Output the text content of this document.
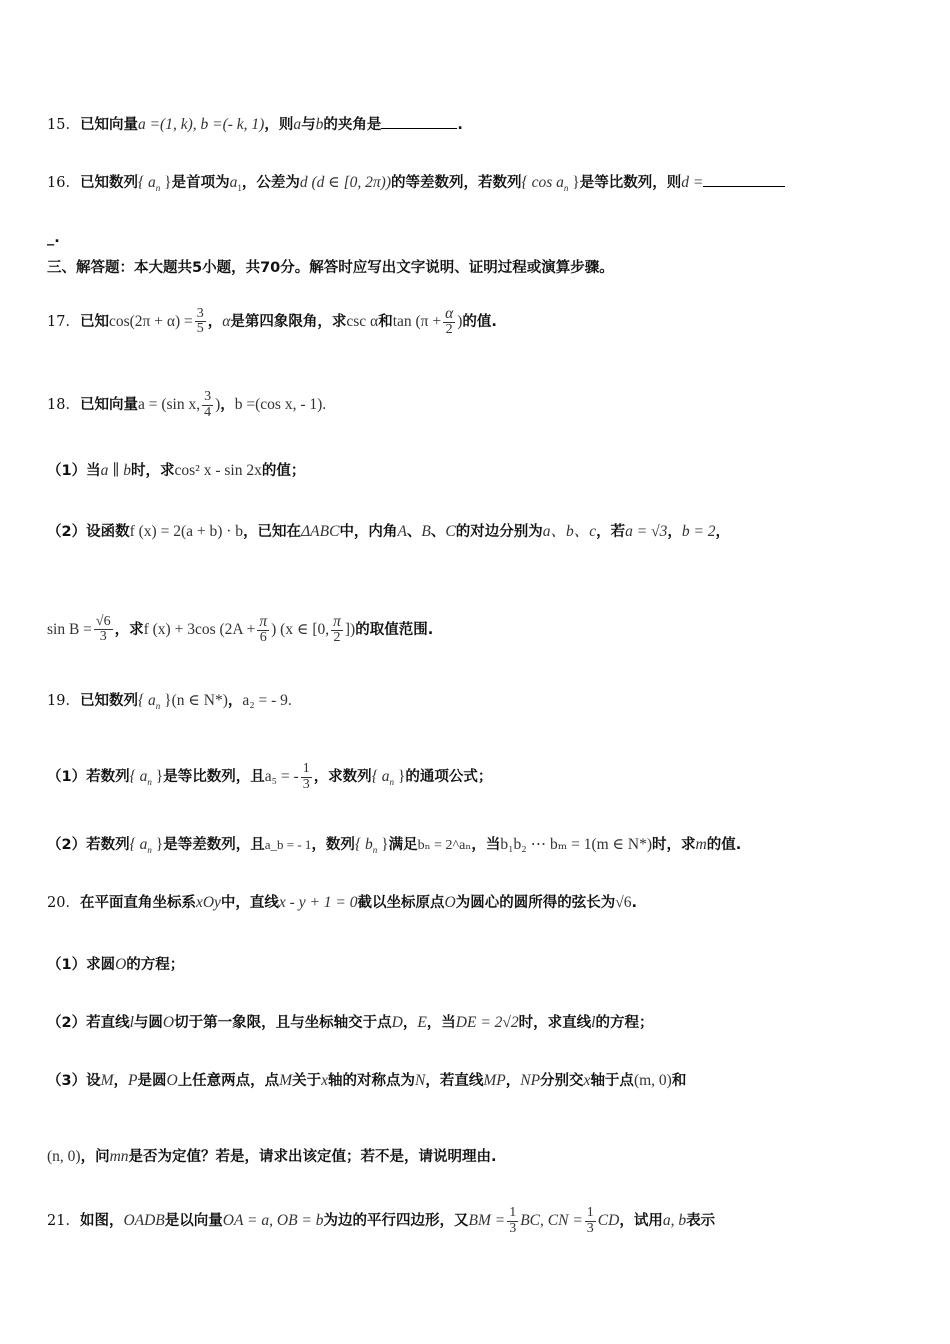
15．已知向量a =(1, k), b =(- k, 1)，则a与b的夹角是	.
16．已知数列{ $a_n$ }是首项为$a_1$，公差为d (d ∈ [0, 2π))的等差数列，若数列{ $\cos a_n$ }是等比数列，则d =
_.
三、解答题：本大题共5小题，共70分。解答时应写出文字说明、证明过程或演算步骤。
17．已知$\cos(2\pi + \alpha) = \frac{3}{5}$ ，α是第四象限角，求csc α和$\tan (\pi + \frac{\alpha}{2}$ )的值.
18．已知向量a = (sin x, $\frac{3}{4}$ )，b =(cos x, - 1).
（1）当a ∥ b时，求cos² x - sin 2x的值；
（2）设函数f (x) = 2(a + b) · b，已知在ΔABC中，内角A、B、C的对边分别为a、b、c，若a = √3，b = 2，
$\sin B = \frac{√6}{3}$ ，求f (x) + 3cos ($2A + \frac{\pi}{6}$ ) (x ∈ [0, $\frac{\pi}{2}$ ])的取值范围.
19．已知数列{ $a_n$ }(n ∈ N*)，a₂ = - 9.
（1）若数列{ $a_n$ }是等比数列，且a₅ = - $\frac{1}{3}$ ，求数列{ $a_n$ }的通项公式；
（2）若数列{ $a_n$ }是等差数列，且a_b = - 1，数列{ $b_n$ }满足bₙ = 2^aₙ，当b₁b₂ ⋯ bₘ = 1(m ∈ N*)时，求m的值.
20．在平面直角坐标系xOy中，直线x - y + 1 = 0截以坐标原点O为圆心的圆所得的弦长为√6.
（1）求圆O的方程；
（2）若直线l与圆O切于第一象限，且与坐标轴交于点D，E，当DE = 2√2时，求直线l的方程；
（3）设M，P是圆O上任意两点，点M关于x轴的对称点为N，若直线MP，NP分别交x轴于点(m, 0)和
(n, 0)，问mn是否为定值？若是，请求出该定值；若不是，请说明理由.
21．如图，OADB是以向量OA = a, OB = b为边的平行四边形，又BM = $\frac{1}{3}$ BC, CN = $\frac{1}{3}$ CD，试用a, b表示
